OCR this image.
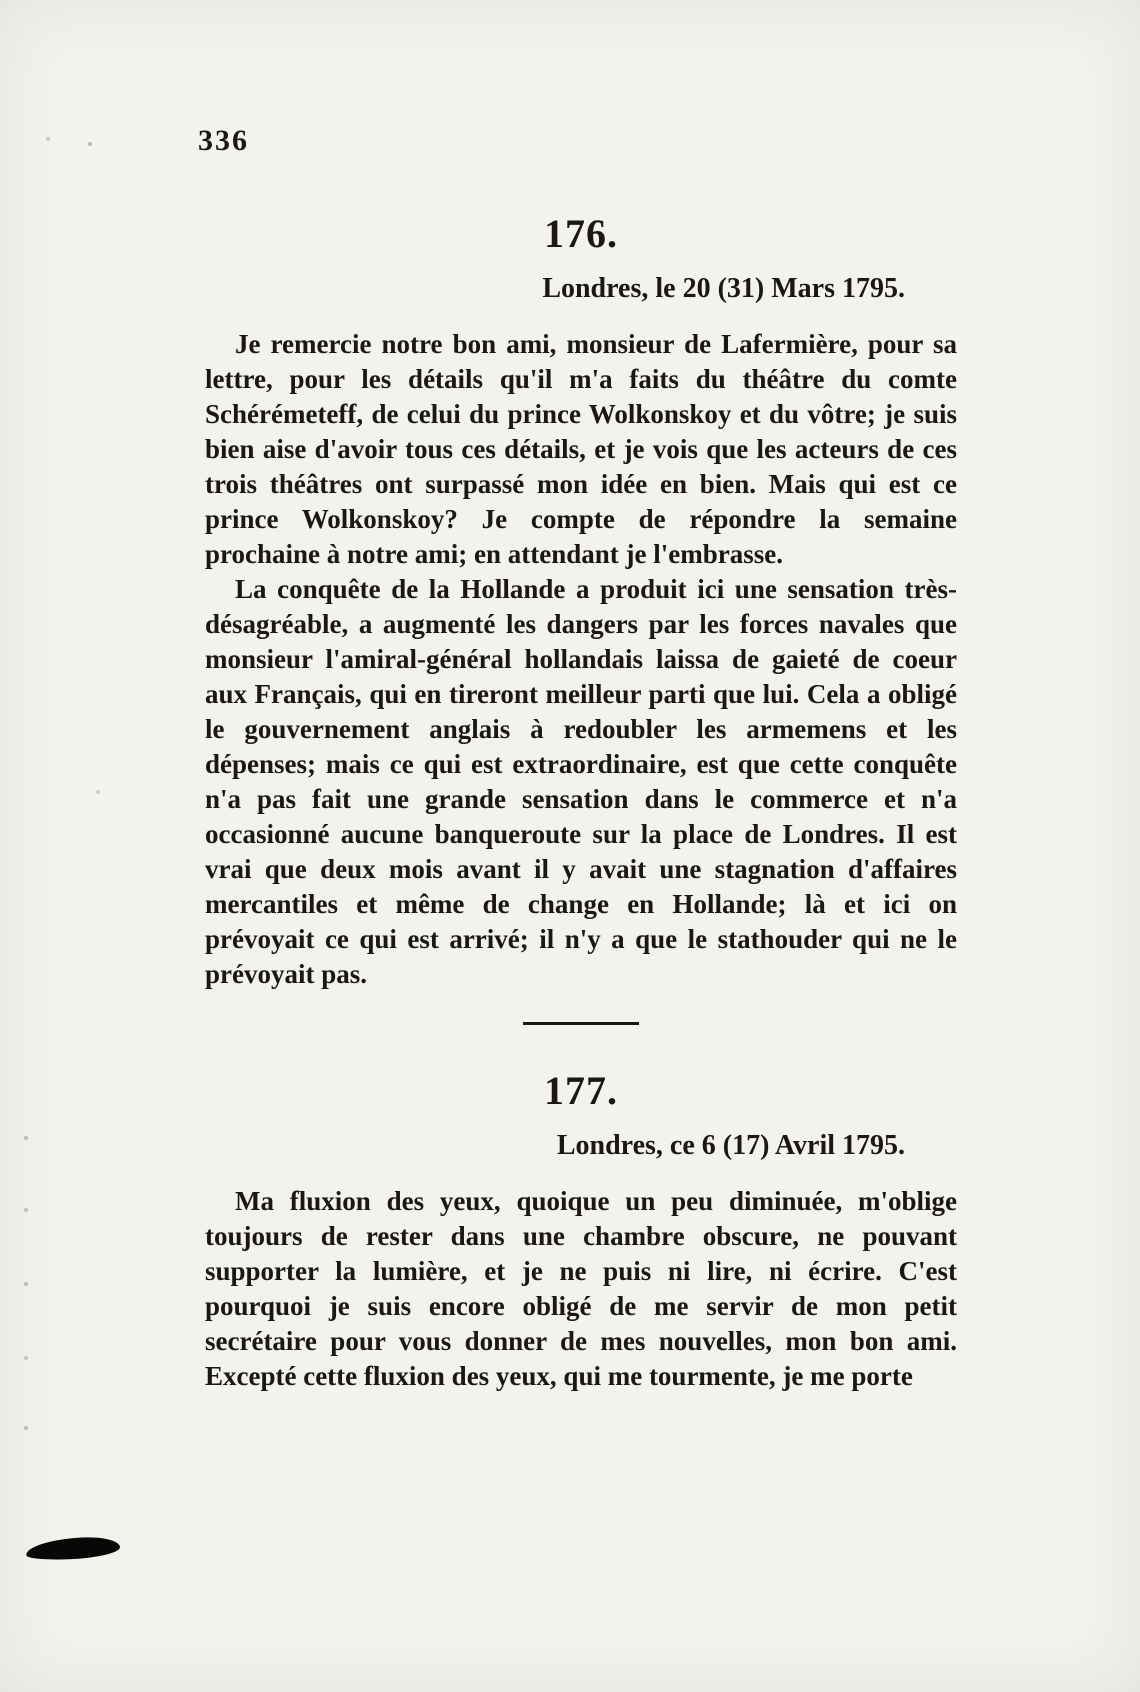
336
176.
Londres, le 20 (31) Mars 1795.

Je remercie notre bon ami, monsieur de Lafermière, pour sa lettre, pour les détails qu'il m'a faits du théâtre du comte Schérémeteff, de celui du prince Wolkonskoy et du vôtre; je suis bien aise d'avoir tous ces détails, et je vois que les acteurs de ces trois théâtres ont surpassé mon idée en bien. Mais qui est ce prince Wolkonskoy? Je compte de répondre la semaine prochaine à notre ami; en attendant je l'embrasse.

La conquête de la Hollande a produit ici une sensation très-désagréable, a augmenté les dangers par les forces navales que monsieur l'amiral-général hollandais laissa de gaieté de coeur aux Français, qui en tireront meilleur parti que lui. Cela a obligé le gouvernement anglais à redoubler les armemens et les dépenses; mais ce qui est extraordinaire, est que cette conquête n'a pas fait une grande sensation dans le commerce et n'a occasionné aucune banqueroute sur la place de Londres. Il est vrai que deux mois avant il y avait une stagnation d'affaires mercantiles et même de change en Hollande; là et ici on prévoyait ce qui est arrivé; il n'y a que le stathouder qui ne le prévoyait pas.

177.
Londres, ce 6 (17) Avril 1795.

Ma fluxion des yeux, quoique un peu diminuée, m'oblige toujours de rester dans une chambre obscure, ne pouvant supporter la lumière, et je ne puis ni lire, ni écrire. C'est pourquoi je suis encore obligé de me servir de mon petit secrétaire pour vous donner de mes nouvelles, mon bon ami. Excepté cette fluxion des yeux, qui me tourmente, je me porte
